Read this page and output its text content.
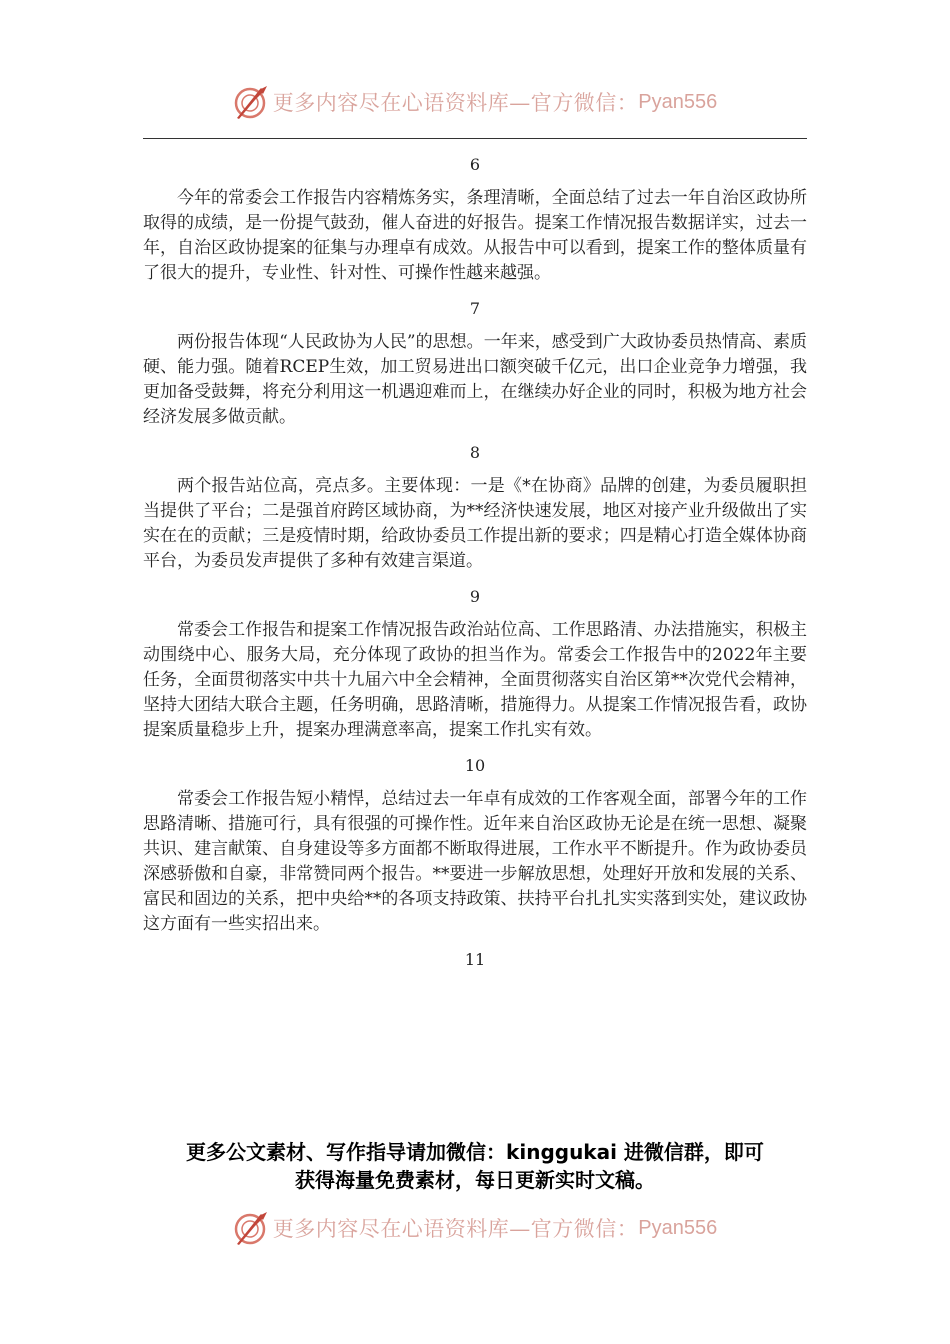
更多内容尽在心语资料库—官方微信： Pyan556
6

今年的常委会工作报告内容精炼务实，条理清晰，全面总结了过去一年自治区政协所取得的成绩，是一份提气鼓劲，催人奋进的好报告。提案工作情况报告数据详实，过去一年，自治区政协提案的征集与办理卓有成效。从报告中可以看到，提案工作的整体质量有了很大的提升，专业性、针对性、可操作性越来越强。

7

两份报告体现“人民政协为人民”的思想。一年来，感受到广大政协委员热情高、素质硬、能力强。随着RCEP生效，加工贸易进出口额突破千亿元，出口企业竞争力增强，我更加备受鼓舞，将充分利用这一机遇迎难而上，在继续办好企业的同时，积极为地方社会经济发展多做贡献。

8

两个报告站位高，亮点多。主要体现：一是《*在协商》品牌的创建，为委员履职担当提供了平台；二是强首府跨区域协商，为**经济快速发展，地区对接产业升级做出了实实在在的贡献；三是疫情时期，给政协委员工作提出新的要求；四是精心打造全媒体协商平台，为委员发声提供了多种有效建言渠道。

9

常委会工作报告和提案工作情况报告政治站位高、工作思路清、办法措施实，积极主动围绕中心、服务大局，充分体现了政协的担当作为。常委会工作报告中的2022年主要任务，全面贯彻落实中共十九届六中全会精神，全面贯彻落实自治区第**次党代会精神，坚持大团结大联合主题，任务明确，思路清晰，措施得力。从提案工作情况报告看，政协提案质量稳步上升，提案办理满意率高，提案工作扎实有效。

10

常委会工作报告短小精悍，总结过去一年卓有成效的工作客观全面，部署今年的工作思路清晰、措施可行，具有很强的可操作性。近年来自治区政协无论是在统一思想、凝聚共识、建言献策、自身建设等多方面都不断取得进展，工作水平不断提升。作为政协委员深感骄傲和自豪，非常赞同两个报告。**要进一步解放思想，处理好开放和发展的关系、富民和固边的关系，把中央给**的各项支持政策、扶持平台扎扎实实落到实处，建议政协这方面有一些实招出来。

11
更多公文素材、写作指导请加微信：kinggukai 进微信群，即可
获得海量免费素材，每日更新实时文稿。
更多内容尽在心语资料库—官方微信： Pyan556
